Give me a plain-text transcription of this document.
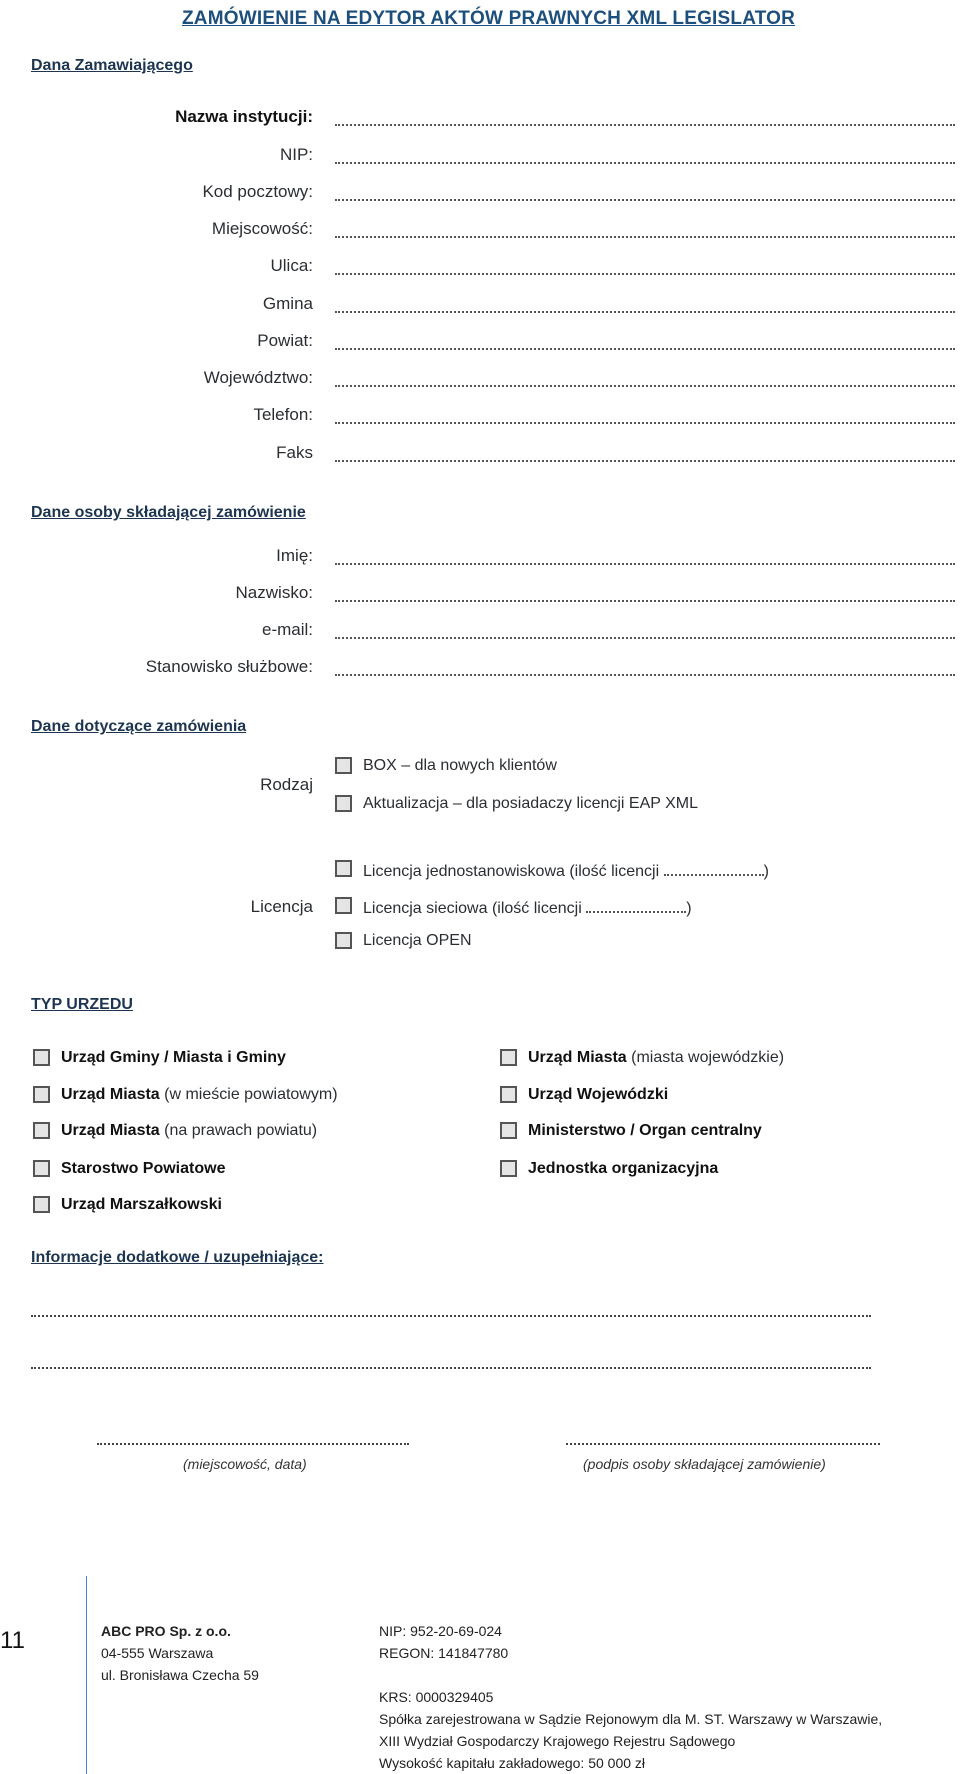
ZAMÓWIENIE NA EDYTOR AKTÓW PRAWNYCH XML LEGISLATOR
Dana Zamawiającego
Nazwa instytucji:
NIP:
Kod pocztowy:
Miejscowość:
Ulica:
Gmina
Powiat:
Województwo:
Telefon:
Faks
Dane osoby składającej zamówienie
Imię:
Nazwisko:
e-mail:
Stanowisko służbowe:
Dane dotyczące zamówienia
Rodzaj
BOX – dla nowych klientów
Aktualizacja – dla posiadaczy licencji EAP XML
Licencja
Licencja jednostanowiskowa (ilość licencji	)
Licencja sieciowa (ilość licencji	)
Licencja OPEN
TYP URZEDU
Urząd Gminy / Miasta i Gminy
Urząd Miasta (w mieście powiatowym)
Urząd Miasta (na prawach powiatu)
Starostwo Powiatowe
Urząd Marszałkowski
Urząd Miasta (miasta wojewódzkie)
Urząd Wojewódzki
Ministerstwo / Organ centralny
Jednostka organizacyjna
Informacje dodatkowe / uzupełniające:
(miejscowość, data)	(podpis osoby składającej zamówienie)
11	ABC PRO Sp. z o.o.
04-555 Warszawa
ul. Bronisława Czecha 59
NIP: 952-20-69-024
REGON: 141847780
KRS: 0000329405
Spółka zarejestrowana w Sądzie Rejonowym dla M. ST. Warszawy w Warszawie,
XIII Wydział Gospodarczy Krajowego Rejestru Sądowego
Wysokość kapitału zakładowego: 50 000 zł
